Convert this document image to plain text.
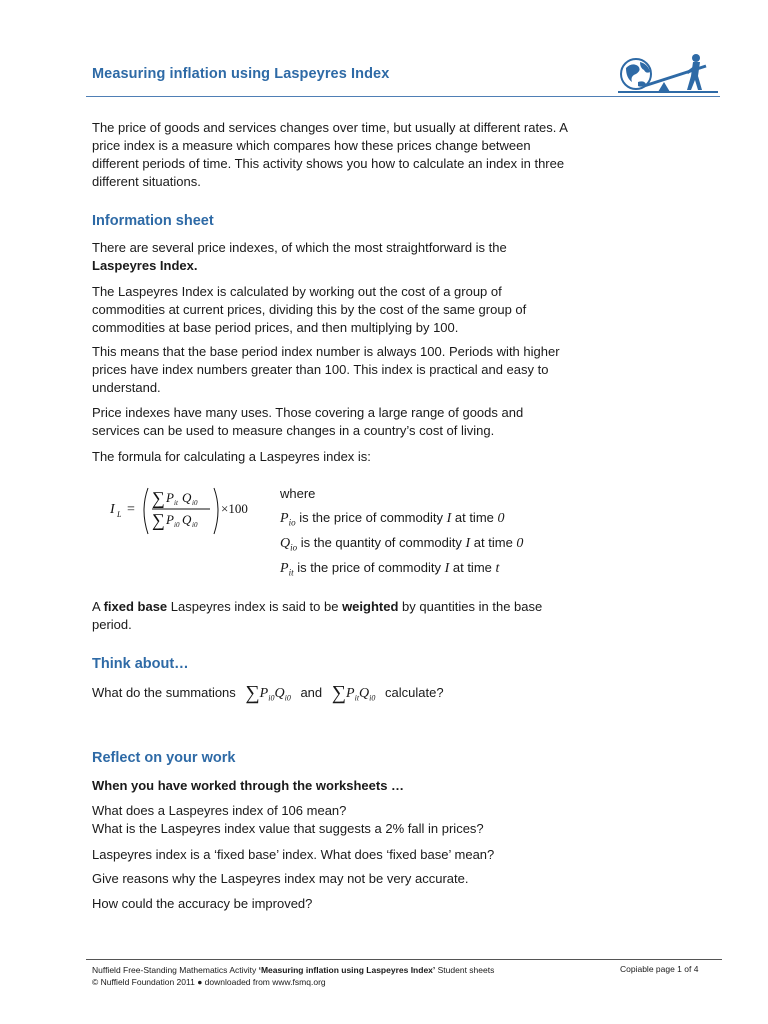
Measuring inflation using Laspeyres Index

The price of goods and services changes over time, but usually at different rates. A price index is a measure which compares how these prices change between different periods of time. This activity shows you how to calculate an index in three different situations.

Information sheet

There are several price indexes, of which the most straightforward is the Laspeyres Index.

The Laspeyres Index is calculated by working out the cost of a group of commodities at current prices, dividing this by the cost of the same group of commodities at base period prices, and then multiplying by 100.

This means that the base period index number is always 100. Periods with higher prices have index numbers greater than 100. This index is practical and easy to understand.

Price indexes have many uses. Those covering a large range of goods and services can be used to measure changes in a country’s cost of living.

The formula for calculating a Laspeyres index is:

I L =
∑ P it Q i0
∑ P i0 Q i0
×100
where
$P_{io}$ is the price of commodity I at time 0
$Q_{io}$ is the quantity of commodity I at time 0
$P_{it}$ is the price of commodity I at time t

A fixed base Laspeyres index is said to be weighted by quantities in the base period.

Think about…
What do the summations $\sum P_{i0}Q_{i0}$ and $\sum P_{it}Q_{i0}$ calculate?
Reflect on your work

When you have worked through the worksheets …

What does a Laspeyres index of 106 mean?

What is the Laspeyres index value that suggests a 2% fall in prices?

Laspeyres index is a ‘fixed base’ index. What does ‘fixed base’ mean?

Give reasons why the Laspeyres index may not be very accurate.

How could the accuracy be improved?

Nuffield Free-Standing Mathematics Activity ‘Measuring inflation using Laspeyres Index’ Student sheets
© Nuffield Foundation 2011 ● downloaded from www.fsmq.org
Copiable page 1 of 4
